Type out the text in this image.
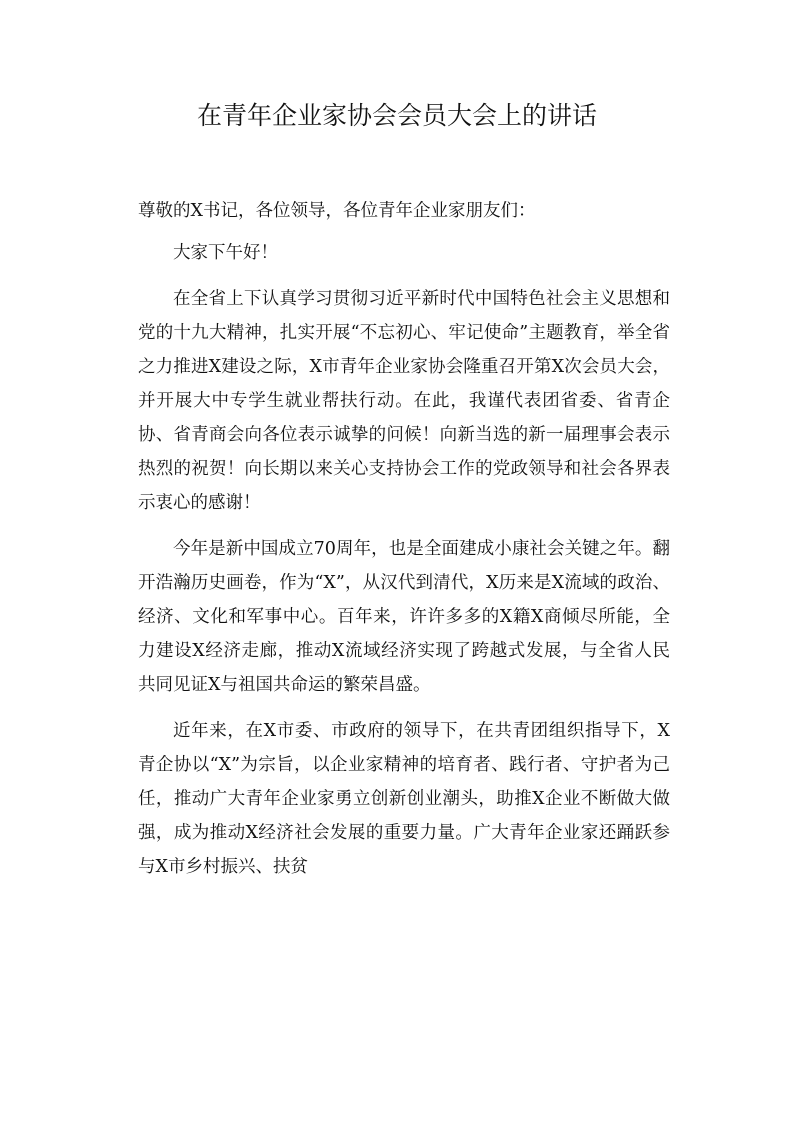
在青年企业家协会会员大会上的讲话

尊敬的X书记，各位领导，各位青年企业家朋友们：

大家下午好！

在全省上下认真学习贯彻习近平新时代中国特色社会主义思想和党的十九大精神，扎实开展“不忘初心、牢记使命”主题教育，举全省之力推进X建设之际，X市青年企业家协会隆重召开第X次会员大会，并开展大中专学生就业帮扶行动。在此，我谨代表团省委、省青企协、省青商会向各位表示诚挚的问候！向新当选的新一届理事会表示热烈的祝贺！向长期以来关心支持协会工作的党政领导和社会各界表示衷心的感谢！

今年是新中国成立70周年，也是全面建成小康社会关键之年。翻开浩瀚历史画卷，作为“X”，从汉代到清代，X历来是X流域的政治、经济、文化和军事中心。百年来，许许多多的X籍X商倾尽所能，全力建设X经济走廊，推动X流域经济实现了跨越式发展，与全省人民共同见证X与祖国共命运的繁荣昌盛。

近年来，在X市委、市政府的领导下，在共青团组织指导下，X青企协以“X”为宗旨，以企业家精神的培育者、践行者、守护者为己任，推动广大青年企业家勇立创新创业潮头，助推X企业不断做大做强，成为推动X经济社会发展的重要力量。广大青年企业家还踊跃参与X市乡村振兴、扶贫
